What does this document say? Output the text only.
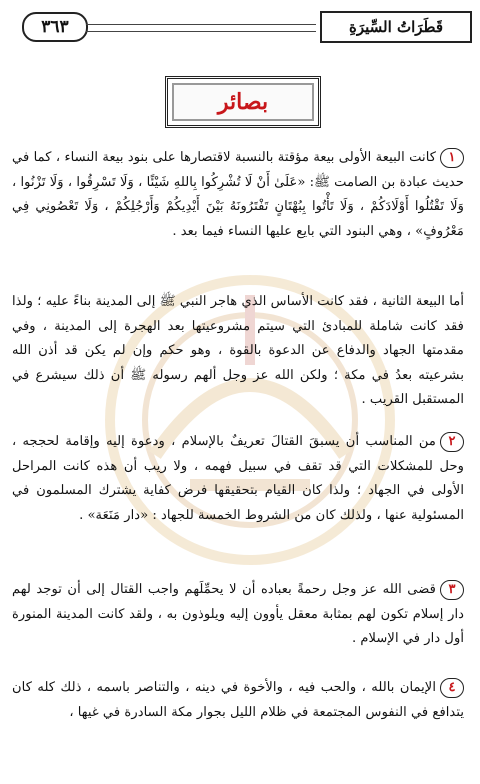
٣٦٣	قَطَرَاتُ السِّيرَةِ
بصائر
١كانت البيعة الأولى بيعة مؤقتة بالنسبة لاقتصارها على بنود بيعة النساء ، كما في حديث عبادة بن الصامت ﷺ: «عَلَىٰ أَنْ لَا تُشْرِكُوا بِاللهِ شَيْئًا ، وَلَا تَسْرِقُوا ، وَلَا تَزْنُوا ، وَلَا تَقْتُلُوا أَوْلَادَكُمْ ، وَلَا تَأْتُوا بِبُهْتَانٍ تَفْتَرُونَهُ بَيْنَ أَيْدِيكُمْ وَأَرْجُلِكُمْ ، وَلَا تَعْصُونِي فِي مَعْرُوفٍ» ، وهي البنود التي بايع عليها النساء فيما بعد .
أما البيعة الثانية ، فقد كانت الأساس الذي هاجر النبي ﷺ إلى المدينة بناءً عليه ؛ ولذا فقد كانت شاملة للمبادئ التي سيتم مشروعيتها بعد الهجرة إلى المدينة ، وفي مقدمتها الجهاد والدفاع عن الدعوة بالقوة ، وهو حكم وإن لم يكن قد أذن الله بشرعيته بعدُ في مكة ؛ ولكن الله عز وجل ألهم رسوله ﷺ أن ذلك سيشرع في المستقبل القريب .
٢من المناسب أن يسبقَ القتالَ تعريفٌ بالإسلام ، ودعوة إليه وإقامة لحججه ، وحل للمشكلات التي قد تقف في سبيل فهمه ، ولا ريب أن هذه كانت المراحل الأولى في الجهاد ؛ ولذا كان القيام بتحقيقها فرض كفاية يشترك المسلمون في المسئولية عنها ، ولذلك كان من الشروط الخمسة للجهاد : «دار مَنَعَة» .
٣قضى الله عز وجل رحمةً بعباده أن لا يحمِّلَهم واجب القتال إلى أن توجد لهم دار إسلام تكون لهم بمثابة معقل يأوون إليه ويلوذون به ، ولقد كانت المدينة المنورة أول دار في الإسلام .
٤الإيمان بالله ، والحب فيه ، والأخوة في دينه ، والتناصر باسمه ، ذلك كله كان يتدافع في النفوس المجتمعة في ظلام الليل بجوار مكة السادرة في غيها ،
